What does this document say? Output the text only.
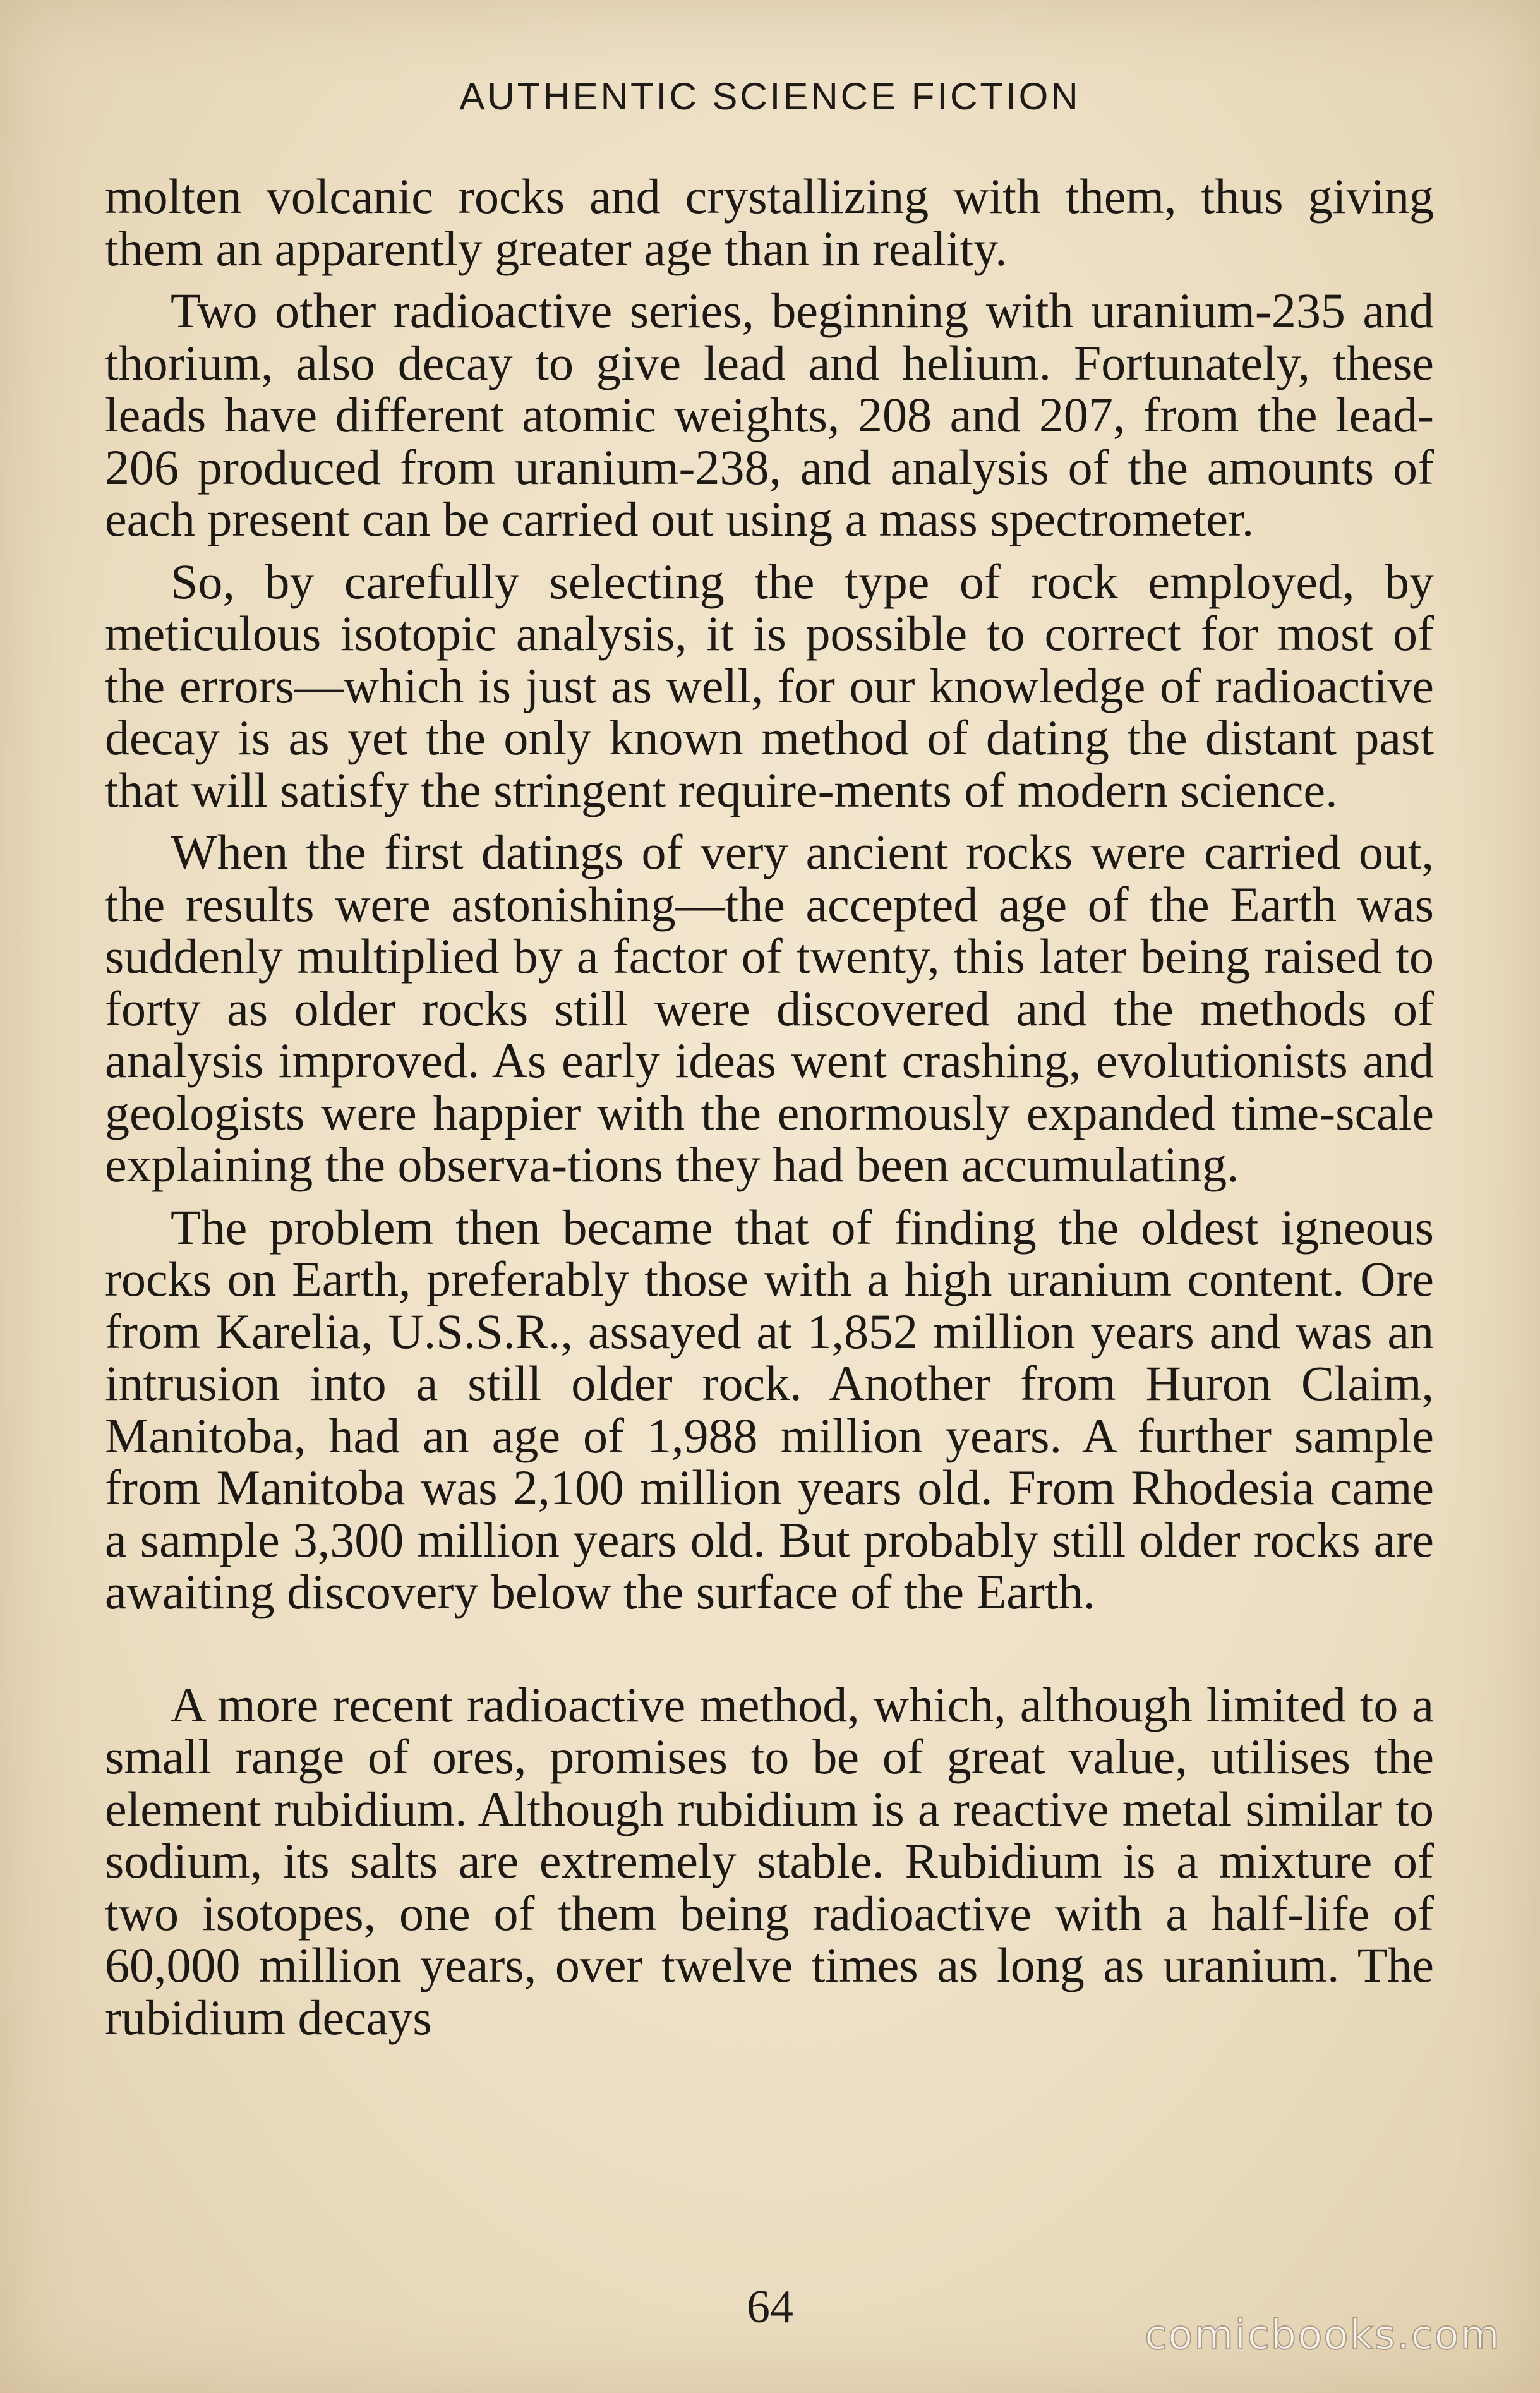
AUTHENTIC SCIENCE FICTION

molten volcanic rocks and crystallizing with them, thus giving them an apparently greater age than in reality.

Two other radioactive series, beginning with uranium-235 and thorium, also decay to give lead and helium. Fortunately, these leads have different atomic weights, 208 and 207, from the lead-206 produced from uranium-238, and analysis of the amounts of each present can be carried out using a mass spectrometer.

So, by carefully selecting the type of rock employed, by meticulous isotopic analysis, it is possible to correct for most of the errors—which is just as well, for our knowledge of radioactive decay is as yet the only known method of dating the distant past that will satisfy the stringent require-ments of modern science.

When the first datings of very ancient rocks were carried out, the results were astonishing—the accepted age of the Earth was suddenly multiplied by a factor of twenty, this later being raised to forty as older rocks still were discovered and the methods of analysis improved. As early ideas went crashing, evolutionists and geologists were happier with the enormously expanded time-scale explaining the observa-tions they had been accumulating.

The problem then became that of finding the oldest igneous rocks on Earth, preferably those with a high uranium content. Ore from Karelia, U.S.S.R., assayed at 1,852 million years and was an intrusion into a still older rock. Another from Huron Claim, Manitoba, had an age of 1,988 million years. A further sample from Manitoba was 2,100 million years old. From Rhodesia came a sample 3,300 million years old. But probably still older rocks are awaiting discovery below the surface of the Earth.

A more recent radioactive method, which, although limited to a small range of ores, promises to be of great value, utilises the element rubidium. Although rubidium is a reactive metal similar to sodium, its salts are extremely stable. Rubidium is a mixture of two isotopes, one of them being radioactive with a half-life of 60,000 million years, over twelve times as long as uranium. The rubidium decays

64
comicbooks.com
